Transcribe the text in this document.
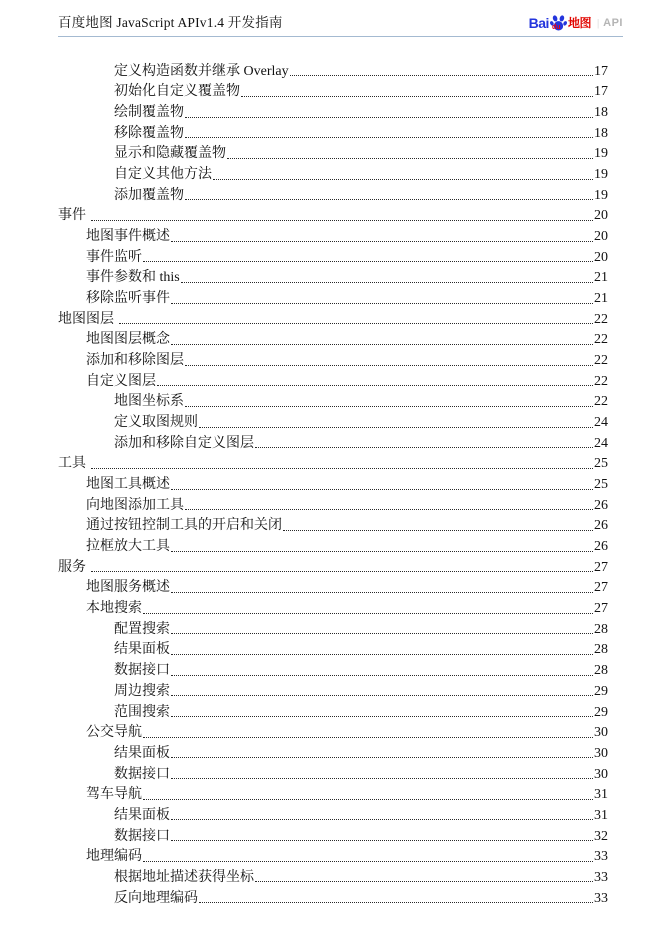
百度地图 JavaScript APIv1.4 开发指南	Bai du 地图 | API
定义构造函数并继承 Overlay	17
初始化自定义覆盖物	17
绘制覆盖物	18
移除覆盖物	18
显示和隐藏覆盖物	19
自定义其他方法	19
添加覆盖物	19
事件	20
地图事件概述	20
事件监听	20
事件参数和 this	21
移除监听事件	21
地图图层	22
地图图层概念	22
添加和移除图层	22
自定义图层	22
地图坐标系	22
定义取图规则	24
添加和移除自定义图层	24
工具	25
地图工具概述	25
向地图添加工具	26
通过按钮控制工具的开启和关闭	26
拉框放大工具	26
服务	27
地图服务概述	27
本地搜索	27
配置搜索	28
结果面板	28
数据接口	28
周边搜索	29
范围搜索	29
公交导航	30
结果面板	30
数据接口	30
驾车导航	31
结果面板	31
数据接口	32
地理编码	33
根据地址描述获得坐标	33
反向地理编码	33
